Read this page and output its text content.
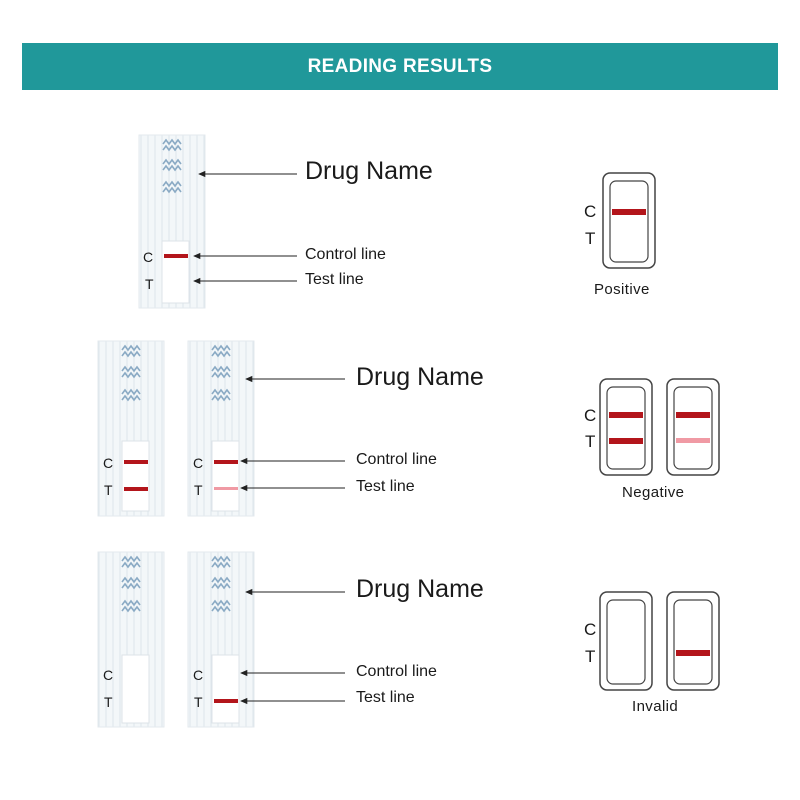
READING RESULTS
C
T
Drug Name
Control line
Test line
C
T
Positive
C
T
C
T
Drug Name
Control line
Test line
C
T
Negative
C
T
C
T
Drug Name
Control line
Test line
C
T
Invalid
